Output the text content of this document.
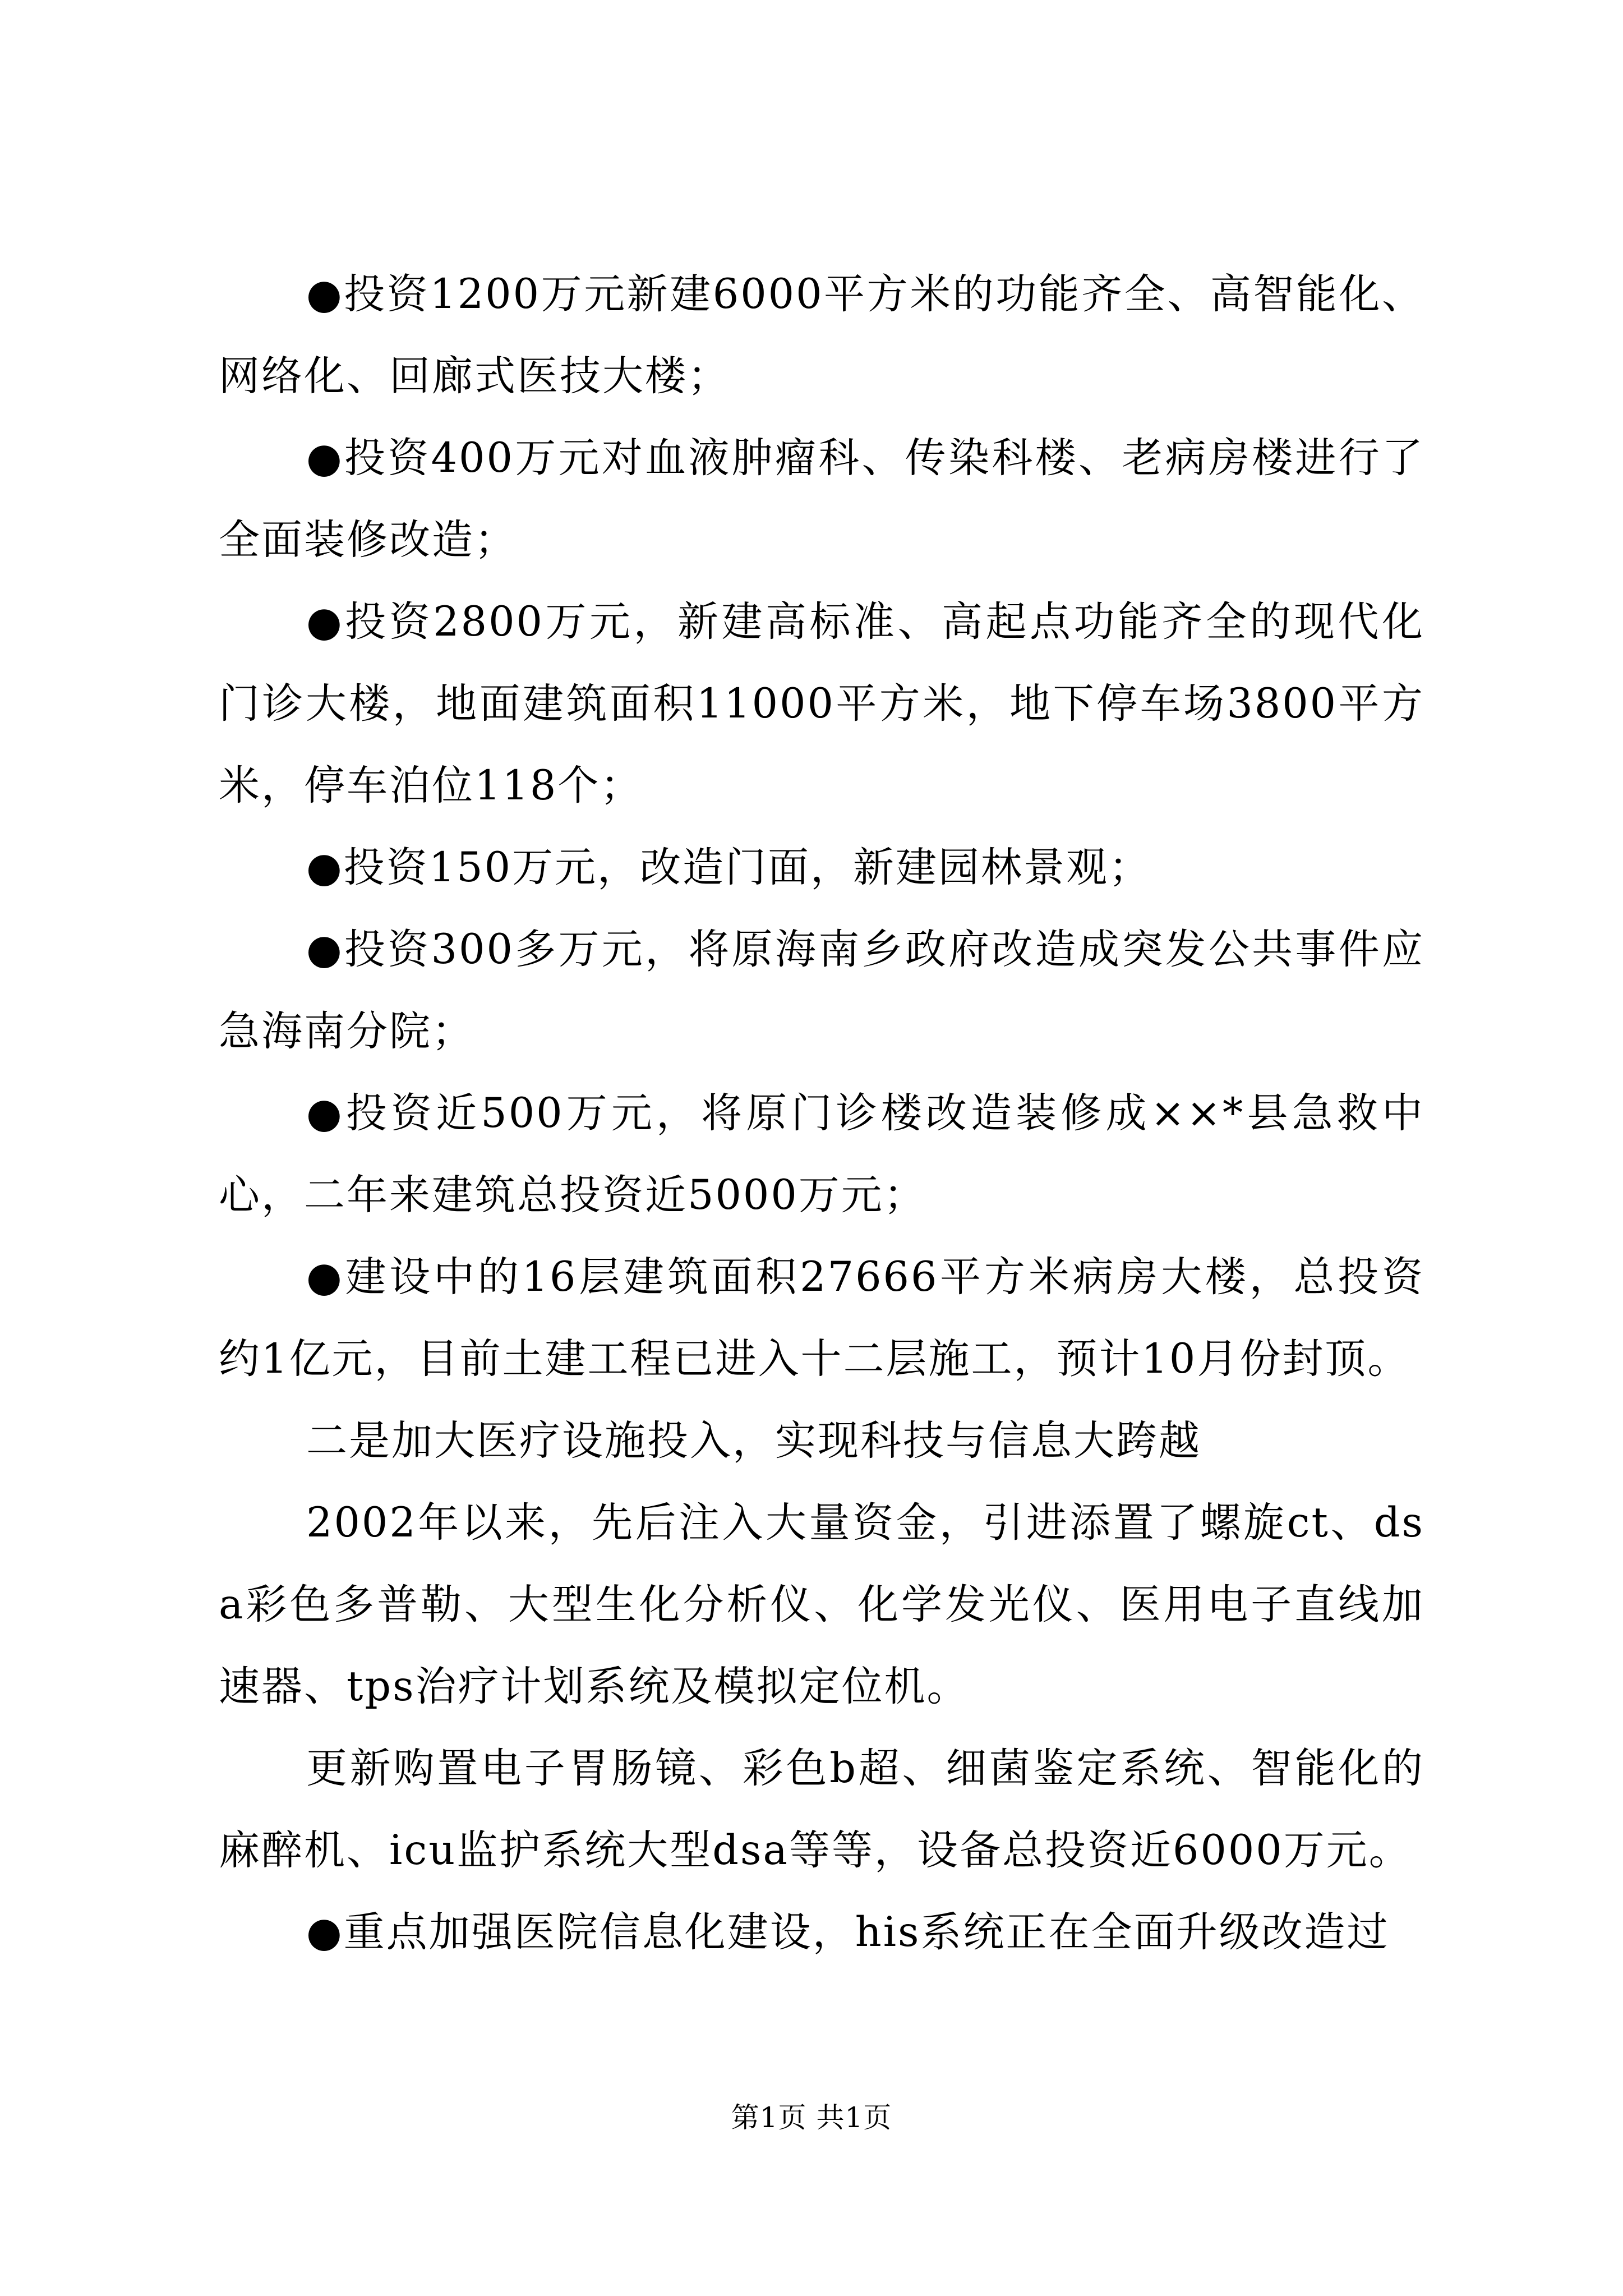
●投资1200万元新建6000平方米的功能齐全、高智能化、网络化、回廊式医技大楼；

●投资400万元对血液肿瘤科、传染科楼、老病房楼进行了全面装修改造；

●投资2800万元，新建高标准、高起点功能齐全的现代化门诊大楼，地面建筑面积11000平方米，地下停车场3800平方米，停车泊位118个；

●投资150万元，改造门面，新建园林景观；

●投资300多万元，将原海南乡政府改造成突发公共事件应急海南分院；

●投资近500万元，将原门诊楼改造装修成××*县急救中心，二年来建筑总投资近5000万元；

●建设中的16层建筑面积27666平方米病房大楼，总投资约1亿元，目前土建工程已进入十二层施工，预计10月份封顶。

二是加大医疗设施投入，实现科技与信息大跨越

2002年以来，先后注入大量资金，引进添置了螺旋ct、dsa彩色多普勒、大型生化分析仪、化学发光仪、医用电子直线加速器、tps治疗计划系统及模拟定位机。

更新购置电子胃肠镜、彩色b超、细菌鉴定系统、智能化的麻醉机、icu监护系统大型dsa等等，设备总投资近6000万元。

●重点加强医院信息化建设，his系统正在全面升级改造过

第1页 共1页
